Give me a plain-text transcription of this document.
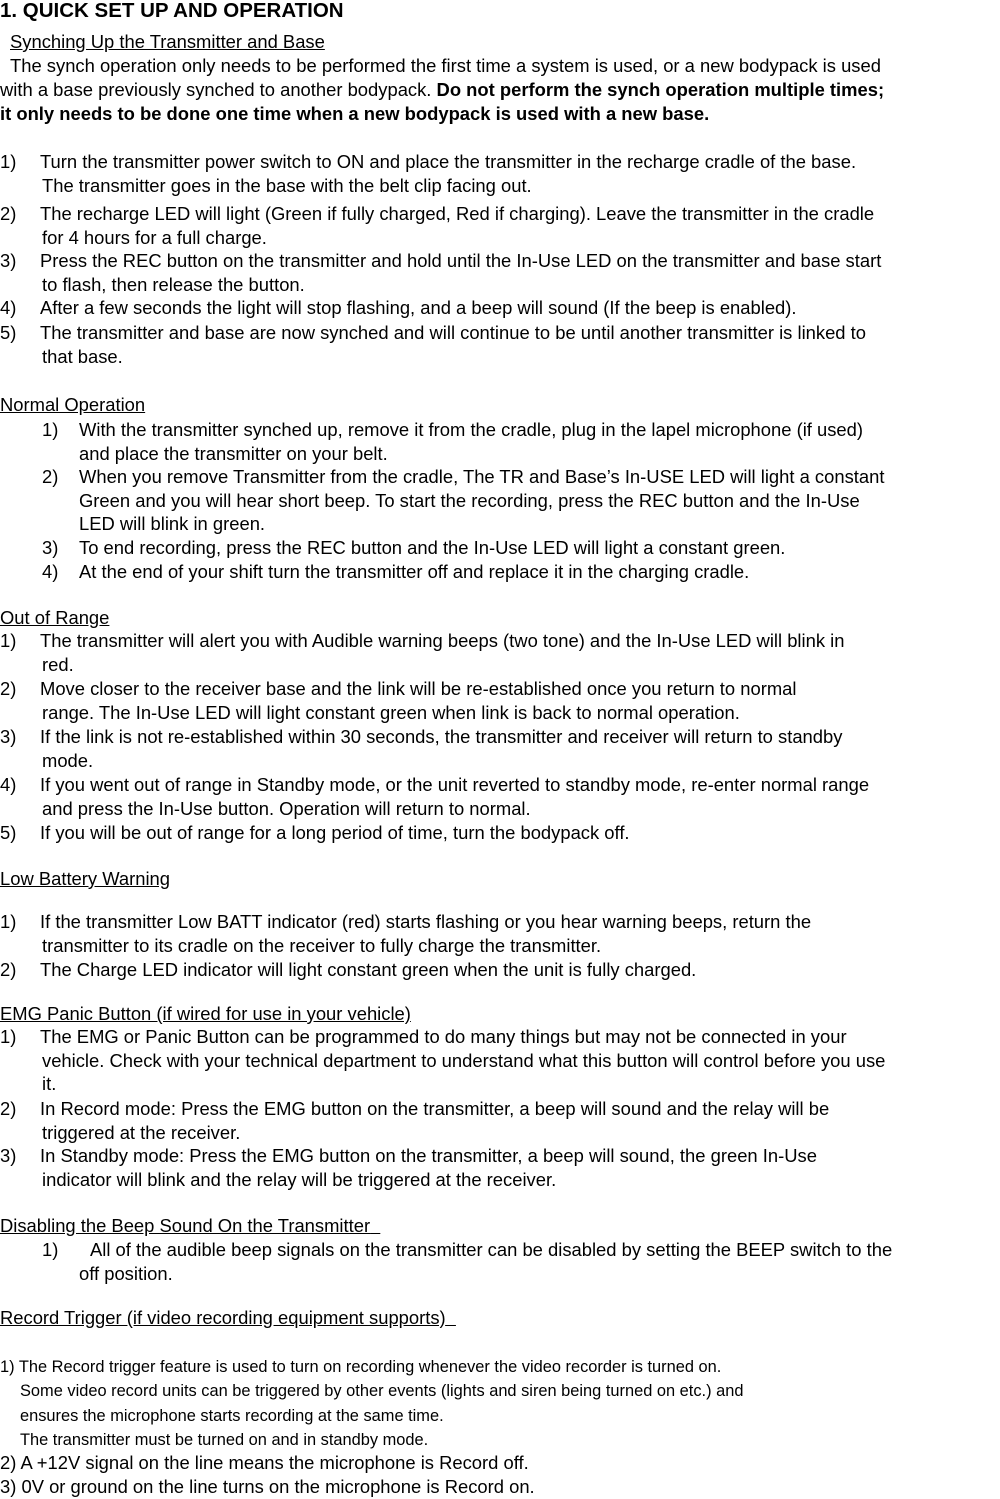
1. QUICK SET UP AND OPERATION
Synching Up the Transmitter and Base
The synch operation only needs to be performed the first time a system is used, or a new bodypack is used
with a base previously synched to another bodypack. Do not perform the synch operation multiple times;
it only needs to be done one time when a new bodypack is used with a new base.
1) Turn the transmitter power switch to ON and place the transmitter in the recharge cradle of the base.
The transmitter goes in the base with the belt clip facing out.
2) The recharge LED will light (Green if fully charged, Red if charging). Leave the transmitter in the cradle
for 4 hours for a full charge.
3) Press the REC button on the transmitter and hold until the In-Use LED on the transmitter and base start
to flash, then release the button.
4) After a few seconds the light will stop flashing, and a beep will sound (If the beep is enabled).
5) The transmitter and base are now synched and will continue to be until another transmitter is linked to
that base.
Normal Operation
1) With the transmitter synched up, remove it from the cradle, plug in the lapel microphone (if used)
and place the transmitter on your belt.
2) When you remove Transmitter from the cradle, The TR and Base’s In-USE LED will light a constant
Green and you will hear short beep. To start the recording, press the REC button and the In-Use
LED will blink in green.
3) To end recording, press the REC button and the In-Use LED will light a constant green.
4) At the end of your shift turn the transmitter off and replace it in the charging cradle.
Out of Range
1) The transmitter will alert you with Audible warning beeps (two tone) and the In-Use LED will blink in
red.
2) Move closer to the receiver base and the link will be re-established once you return to normal
range. The In-Use LED will light constant green when link is back to normal operation.
3) If the link is not re-established within 30 seconds, the transmitter and receiver will return to standby
mode.
4) If you went out of range in Standby mode, or the unit reverted to standby mode, re-enter normal range
and press the In-Use button. Operation will return to normal.
5) If you will be out of range for a long period of time, turn the bodypack off.
Low Battery Warning
1) If the transmitter Low BATT indicator (red) starts flashing or you hear warning beeps, return the
transmitter to its cradle on the receiver to fully charge the transmitter.
2) The Charge LED indicator will light constant green when the unit is fully charged.
EMG Panic Button (if wired for use in your vehicle)
1) The EMG or Panic Button can be programmed to do many things but may not be connected in your
vehicle. Check with your technical department to understand what this button will control before you use
it.
2) In Record mode: Press the EMG button on the transmitter, a beep will sound and the relay will be
triggered at the receiver.
3) In Standby mode: Press the EMG button on the transmitter, a beep will sound, the green In-Use
indicator will blink and the relay will be triggered at the receiver.
Disabling the Beep Sound On the Transmitter
1) All of the audible beep signals on the transmitter can be disabled by setting the BEEP switch to the
off position.
Record Trigger (if video recording equipment supports)
1) The Record trigger feature is used to turn on recording whenever the video recorder is turned on.
Some video record units can be triggered by other events (lights and siren being turned on etc.) and
ensures the microphone starts recording at the same time.
The transmitter must be turned on and in standby mode.
2) A +12V signal on the line means the microphone is Record off.
3) 0V or ground on the line turns on the microphone is Record on.
